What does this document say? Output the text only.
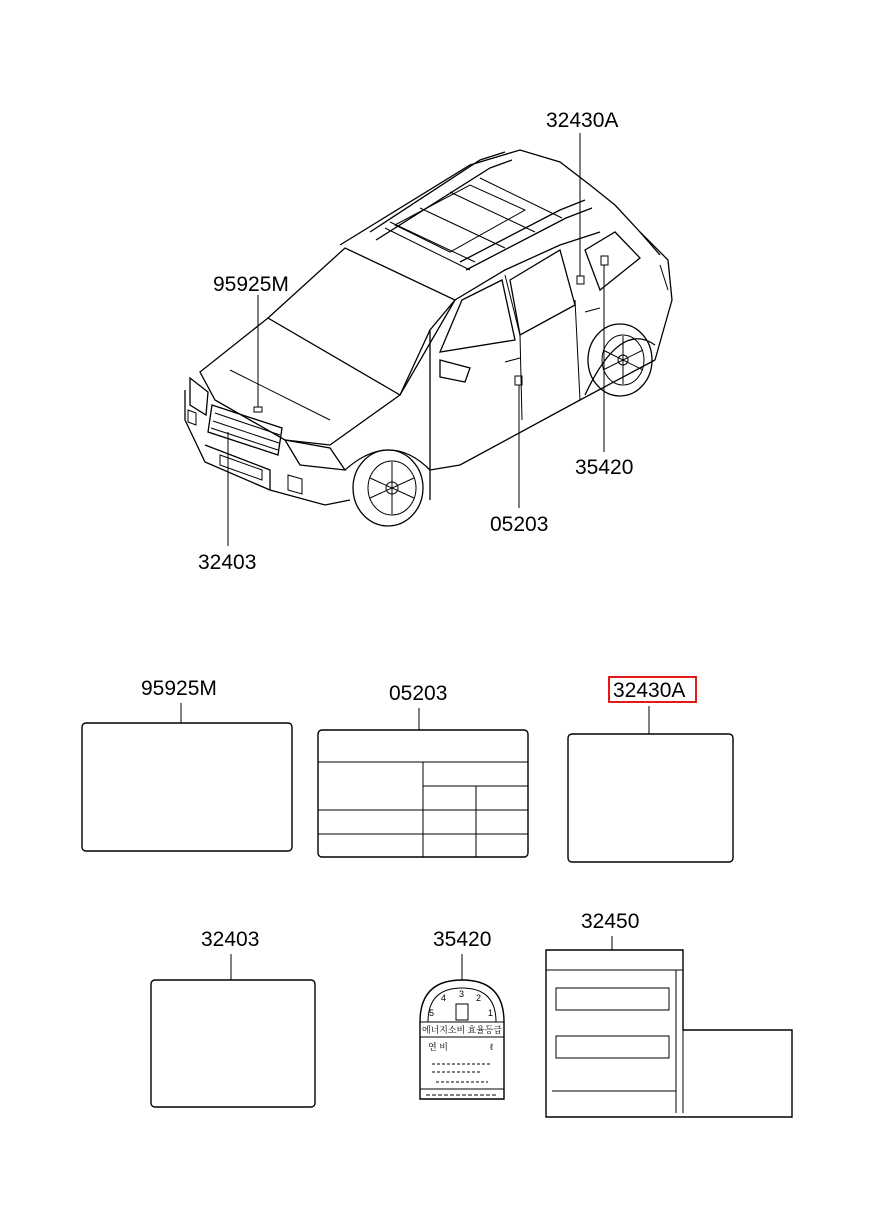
32430A
95925M
35420
05203
32403
95925M	05203	32430A
32403	35420
5
4 3 2
1
에너지소비 효율등급
연 비	ℓ
32450
